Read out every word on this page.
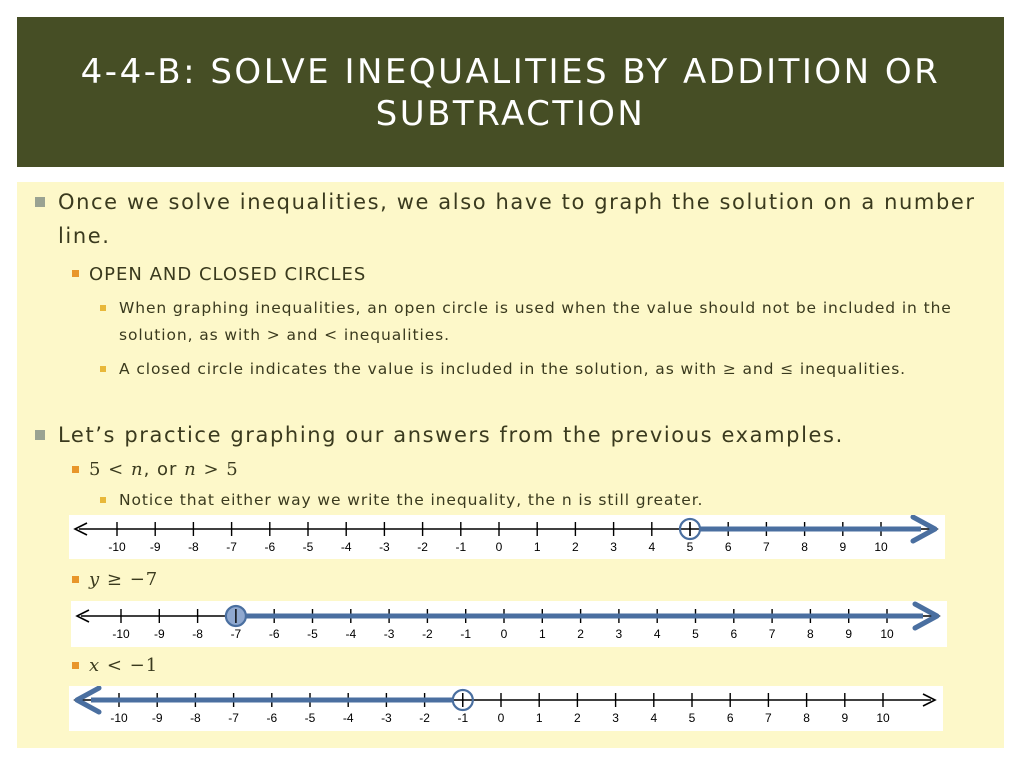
4-4-B: SOLVE INEQUALITIES BY ADDITION OR SUBTRACTION
Once we solve inequalities, we also have to graph the solution on a number line.
OPEN AND CLOSED CIRCLES
When graphing inequalities, an open circle is used when the value should not be included in the solution, as with > and < inequalities.
A closed circle indicates the value is included in the solution, as with ≥ and ≤ inequalities.
Let’s practice graphing our answers from the previous examples.
5 < n, or n > 5
Notice that either way we write the inequality, the n is still greater.
-10 -9 -8 -7 -6 -5 -4 -3 -2 -1 0	1	2	3	4	5	6	7	8	9 10
y ≥ −7
-10 -9 -8 -7 -6 -5 -4 -3 -2 -1 0	1	2	3	4	5	6	7	8	9 10
x < −1
-10 -9 -8 -7 -6 -5 -4 -3 -2 -1 0	1	2	3	4	5	6	7	8	9 10
